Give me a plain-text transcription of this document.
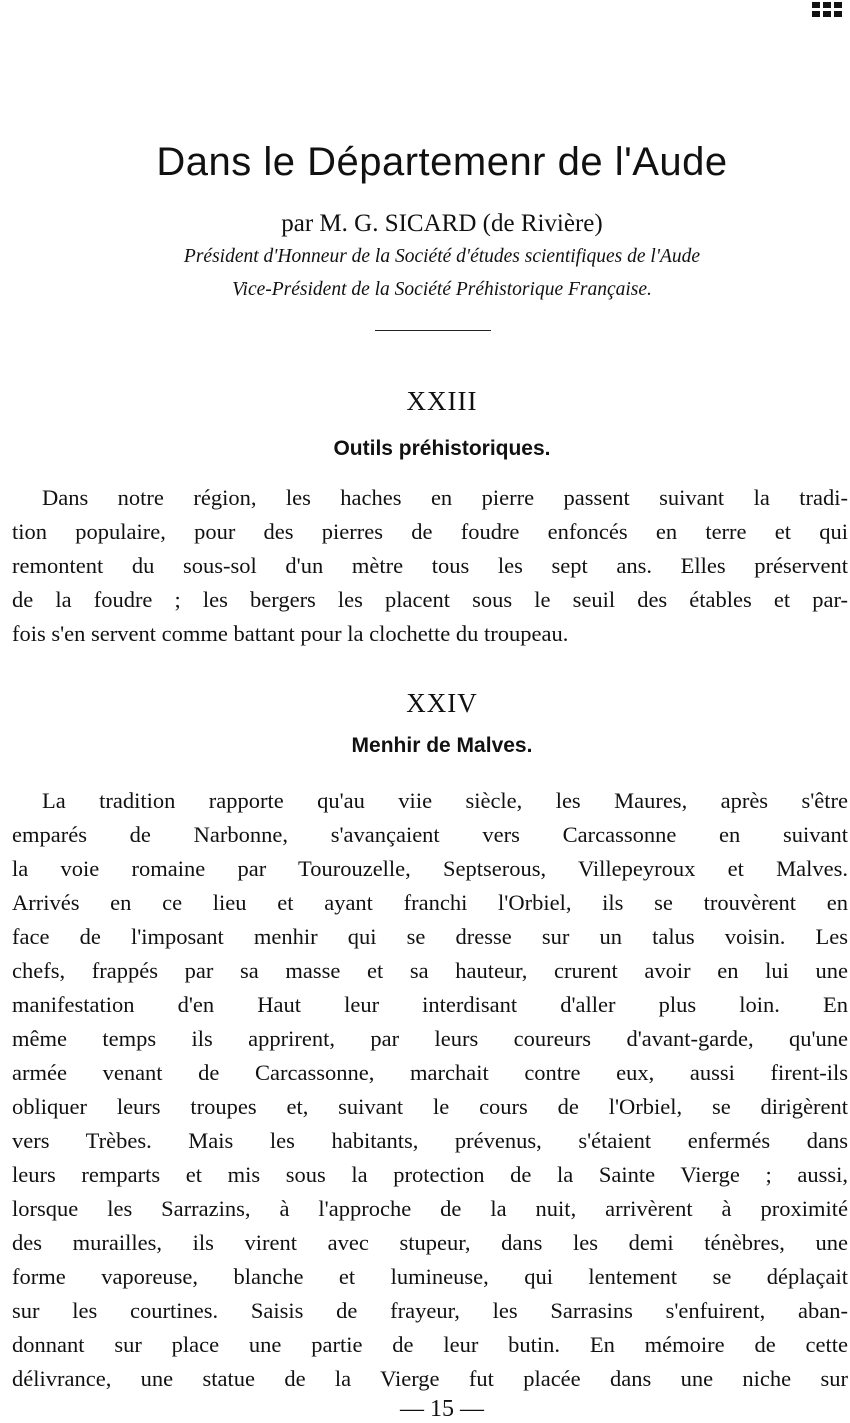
Dans le Départemenr de l'Aude
par M. G. SICARD (de Rivière)
Président d'Honneur de la Société d'études scientifiques de l'Aude
Vice-Président de la Société Préhistorique Française.
XXIII
Outils préhistoriques.
Dans notre région, les haches en pierre passent suivant la tradi-
tion populaire, pour des pierres de foudre enfoncés en terre et qui
remontent du sous-sol d'un mètre tous les sept ans. Elles préservent
de la foudre ; les bergers les placent sous le seuil des étables et par-
fois s'en servent comme battant pour la clochette du troupeau.
XXIV
Menhir de Malves.
La tradition rapporte qu'au viie siècle, les Maures, après s'être
emparés de Narbonne, s'avançaient vers Carcassonne en suivant
la voie romaine par Tourouzelle, Septserous, Villepeyroux et Malves.
Arrivés en ce lieu et ayant franchi l'Orbiel, ils se trouvèrent en
face de l'imposant menhir qui se dresse sur un talus voisin. Les
chefs, frappés par sa masse et sa hauteur, crurent avoir en lui une
manifestation d'en Haut leur interdisant d'aller plus loin. En
même temps ils apprirent, par leurs coureurs d'avant-garde, qu'une
armée venant de Carcassonne, marchait contre eux, aussi firent-ils
obliquer leurs troupes et, suivant le cours de l'Orbiel, se dirigèrent
vers Trèbes. Mais les habitants, prévenus, s'étaient enfermés dans
leurs remparts et mis sous la protection de la Sainte Vierge ; aussi,
lorsque les Sarrazins, à l'approche de la nuit, arrivèrent à proximité
des murailles, ils virent avec stupeur, dans les demi ténèbres, une
forme vaporeuse, blanche et lumineuse, qui lentement se déplaçait
sur les courtines. Saisis de frayeur, les Sarrasins s'enfuirent, aban-
donnant sur place une partie de leur butin. En mémoire de cette
délivrance, une statue de la Vierge fut placée dans une niche sur
— 15 —
